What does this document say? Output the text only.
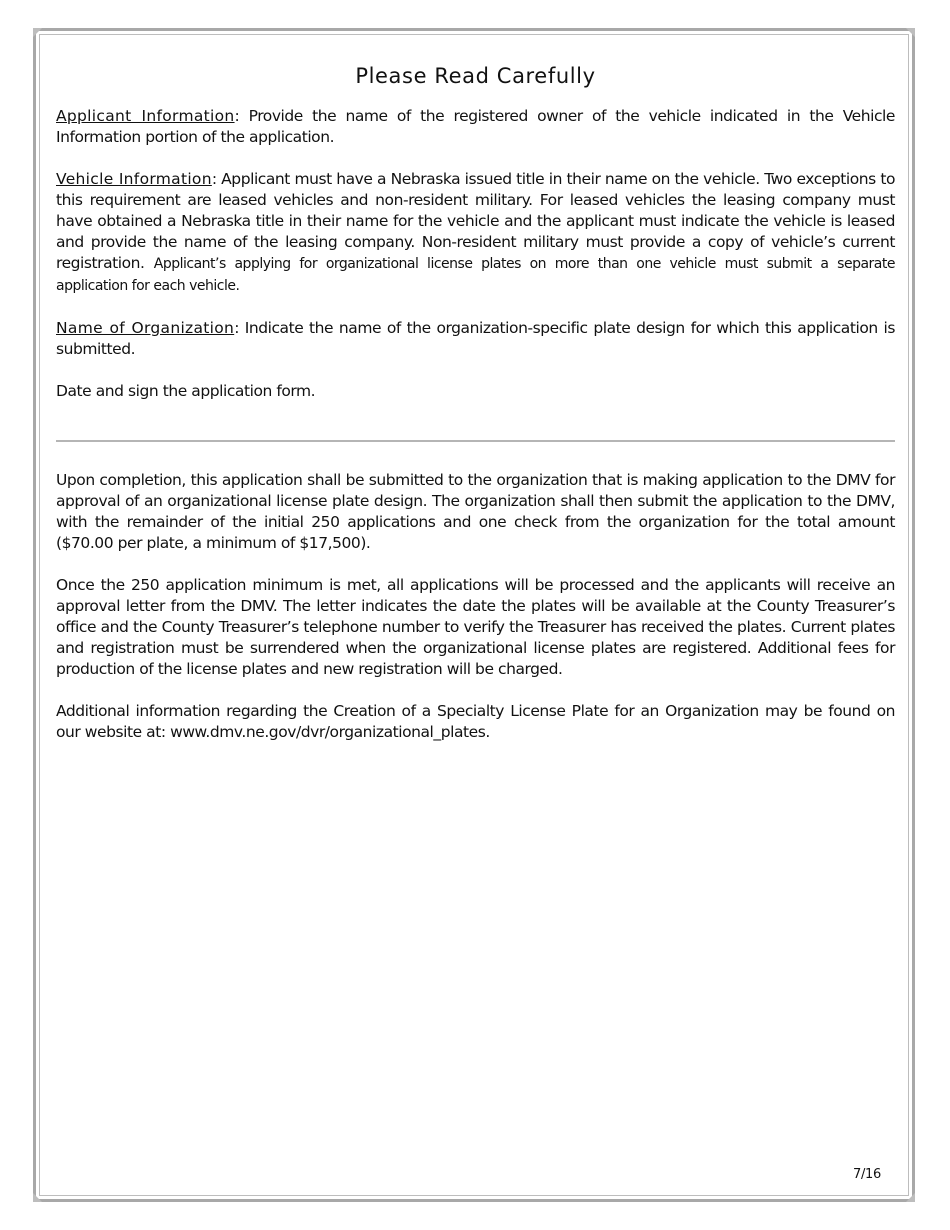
Please Read Carefully

Applicant Information: Provide the name of the registered owner of the vehicle indicated in the Vehicle Information portion of the application.

Vehicle Information: Applicant must have a Nebraska issued title in their name on the vehicle. Two exceptions to this requirement are leased vehicles and non-resident military. For leased vehicles the leasing company must have obtained a Nebraska title in their name for the vehicle and the applicant must indicate the vehicle is leased and provide the name of the leasing company. Non-resident military must provide a copy of vehicle’s current registration. Applicant’s applying for organizational license plates on more than one vehicle must submit a separate application for each vehicle.

Name of Organization: Indicate the name of the organization-specific plate design for which this application is submitted.

Date and sign the application form.

Upon completion, this application shall be submitted to the organization that is making application to the DMV for approval of an organizational license plate design. The organization shall then submit the application to the DMV, with the remainder of the initial 250 applications and one check from the organization for the total amount ($70.00 per plate, a minimum of $17,500).

Once the 250 application minimum is met, all applications will be processed and the applicants will receive an approval letter from the DMV. The letter indicates the date the plates will be available at the County Treasurer’s office and the County Treasurer’s telephone number to verify the Treasurer has received the plates. Current plates and registration must be surrendered when the organizational license plates are registered. Additional fees for production of the license plates and new registration will be charged.

Additional information regarding the Creation of a Specialty License Plate for an Organization may be found on our website at: www.dmv.ne.gov/dvr/organizational_plates.

7/16
